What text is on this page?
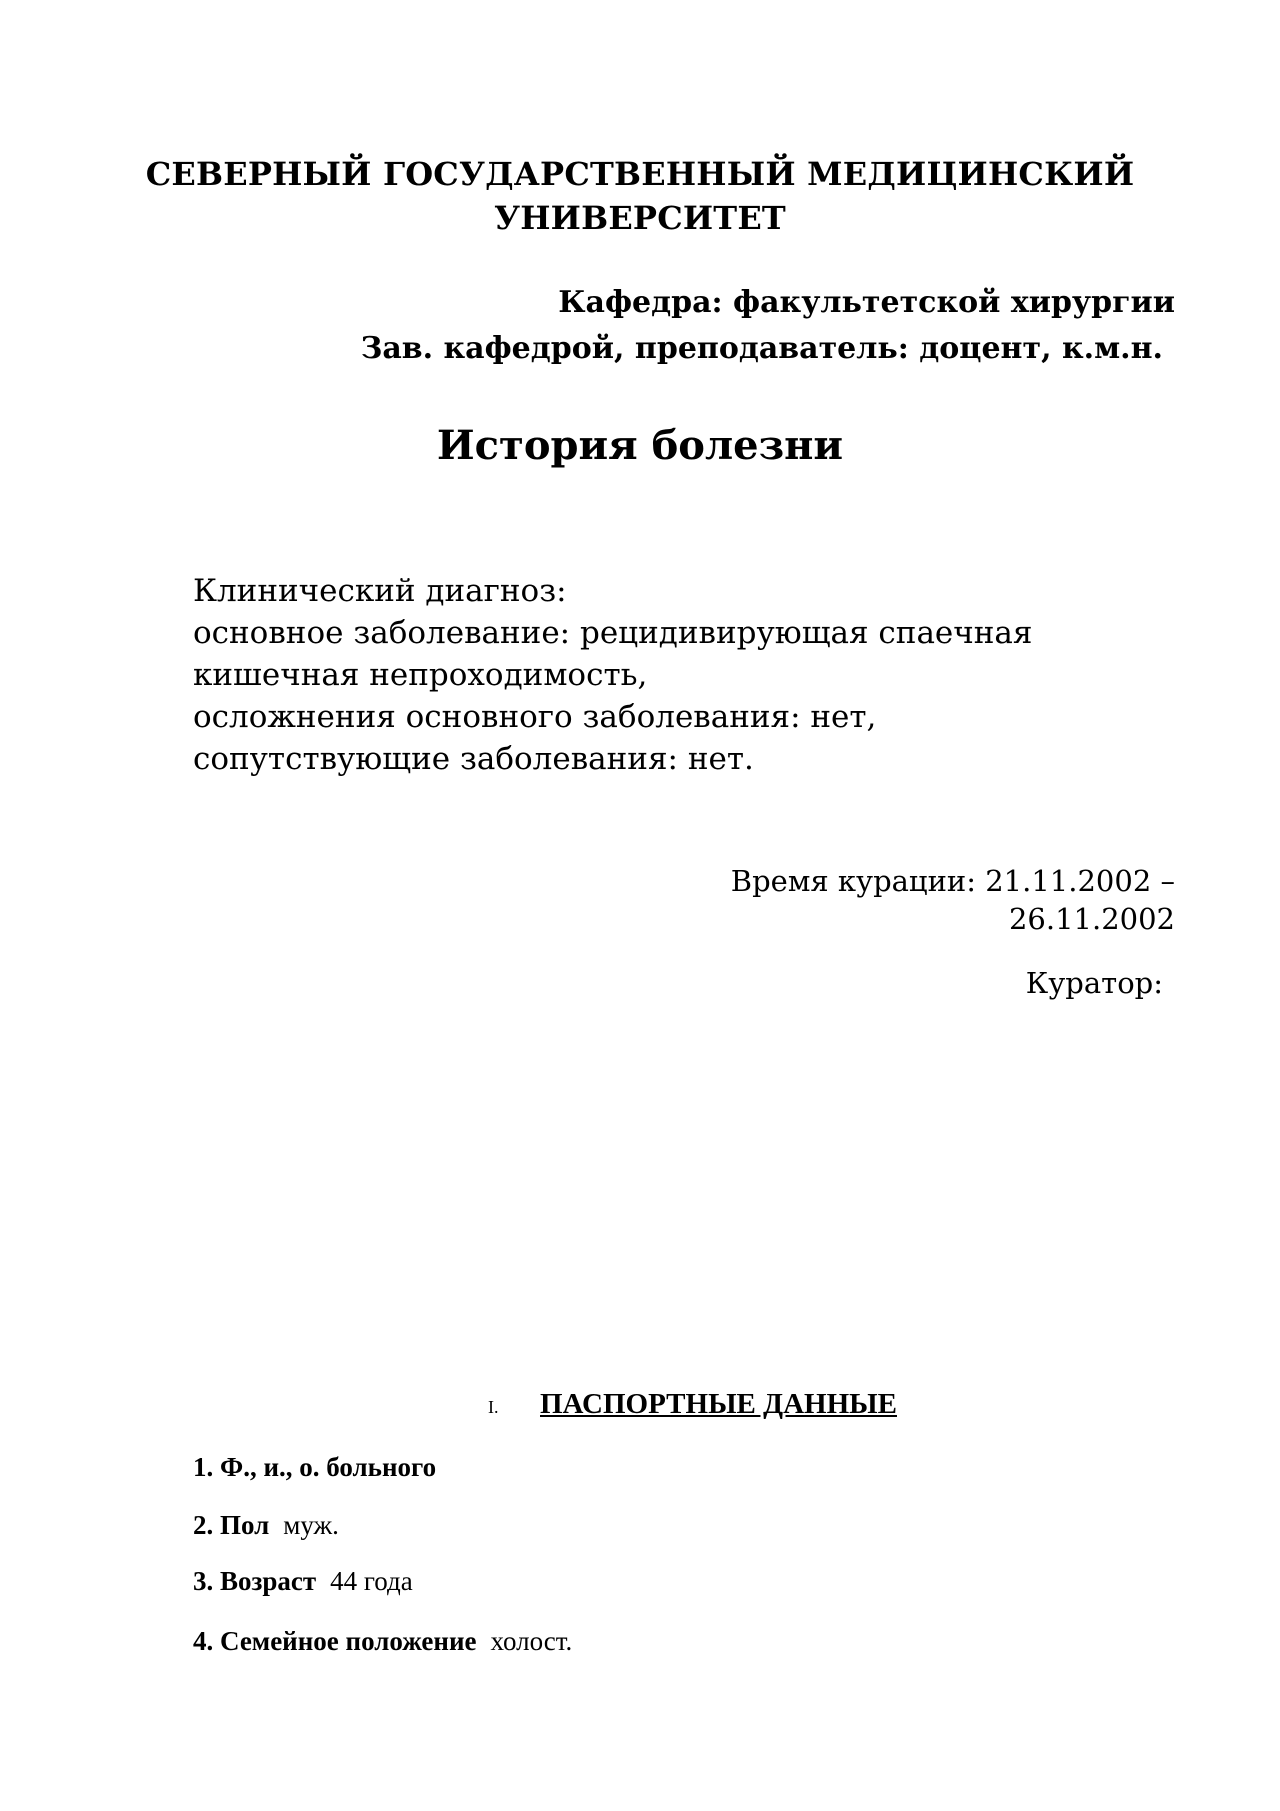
СЕВЕРНЫЙ ГОСУДАРСТВЕННЫЙ МЕДИЦИНСКИЙ
УНИВЕРСИТЕТ
Кафедра: факультетской хирургии
Зав. кафедрой, преподаватель: доцент, к.м.н.
История болезни
Клинический диагноз:
основное заболевание: рецидивирующая спаечная
кишечная непроходимость,
осложнения основного заболевания: нет,
сопутствующие заболевания: нет.
Время курации: 21.11.2002 –
26.11.2002
Куратор:
I. ПАСПОРТНЫЕ ДАННЫЕ
1. Ф., и., о. больного
2. Пол муж.
3. Возраст 44 года
4. Семейное положение холост.
